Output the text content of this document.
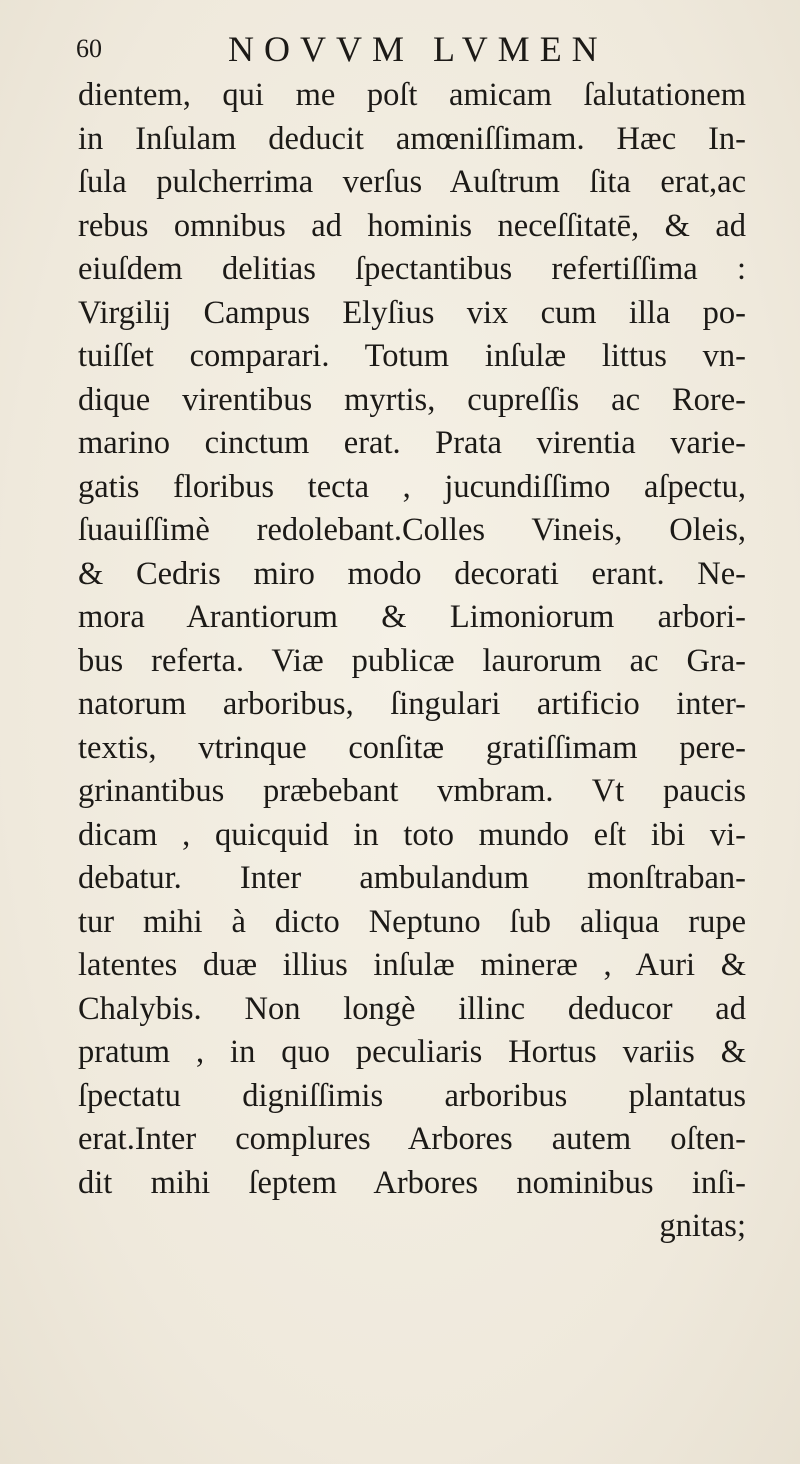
60	NOVVM LVMEN
dientem, qui me poſt amicam ſalutationem
in Inſulam deducit amœniſſimam. Hæc In-
ſula pulcherrima verſus Auſtrum ſita erat,ac
rebus omnibus ad hominis neceſſitatē, & ad
eiuſdem delitias ſpectantibus refertiſſima :
Virgilij Campus Elyſius vix cum illa po-
tuiſſet comparari. Totum inſulæ littus vn-
dique virentibus myrtis, cupreſſis ac Rore-
marino cinctum erat. Prata virentia varie-
gatis floribus tecta , jucundiſſimo aſpectu,
ſuauiſſimè redolebant.Colles Vineis, Oleis,
& Cedris miro modo decorati erant. Ne-
mora Arantiorum & Limoniorum arbori-
bus referta. Viæ publicæ laurorum ac Gra-
natorum arboribus, ſingulari artificio inter-
textis, vtrinque conſitæ gratiſſimam pere-
grinantibus præbebant vmbram. Vt paucis
dicam , quicquid in toto mundo eſt ibi vi-
debatur. Inter ambulandum monſtraban-
tur mihi à dicto Neptuno ſub aliqua rupe
latentes duæ illius inſulæ mineræ , Auri &
Chalybis. Non longè illinc deducor ad
pratum , in quo peculiaris Hortus variis &
ſpectatu digniſſimis arboribus plantatus
erat.Inter complures Arbores autem oſten-
dit mihi ſeptem Arbores nominibus inſi-
gnitas;
